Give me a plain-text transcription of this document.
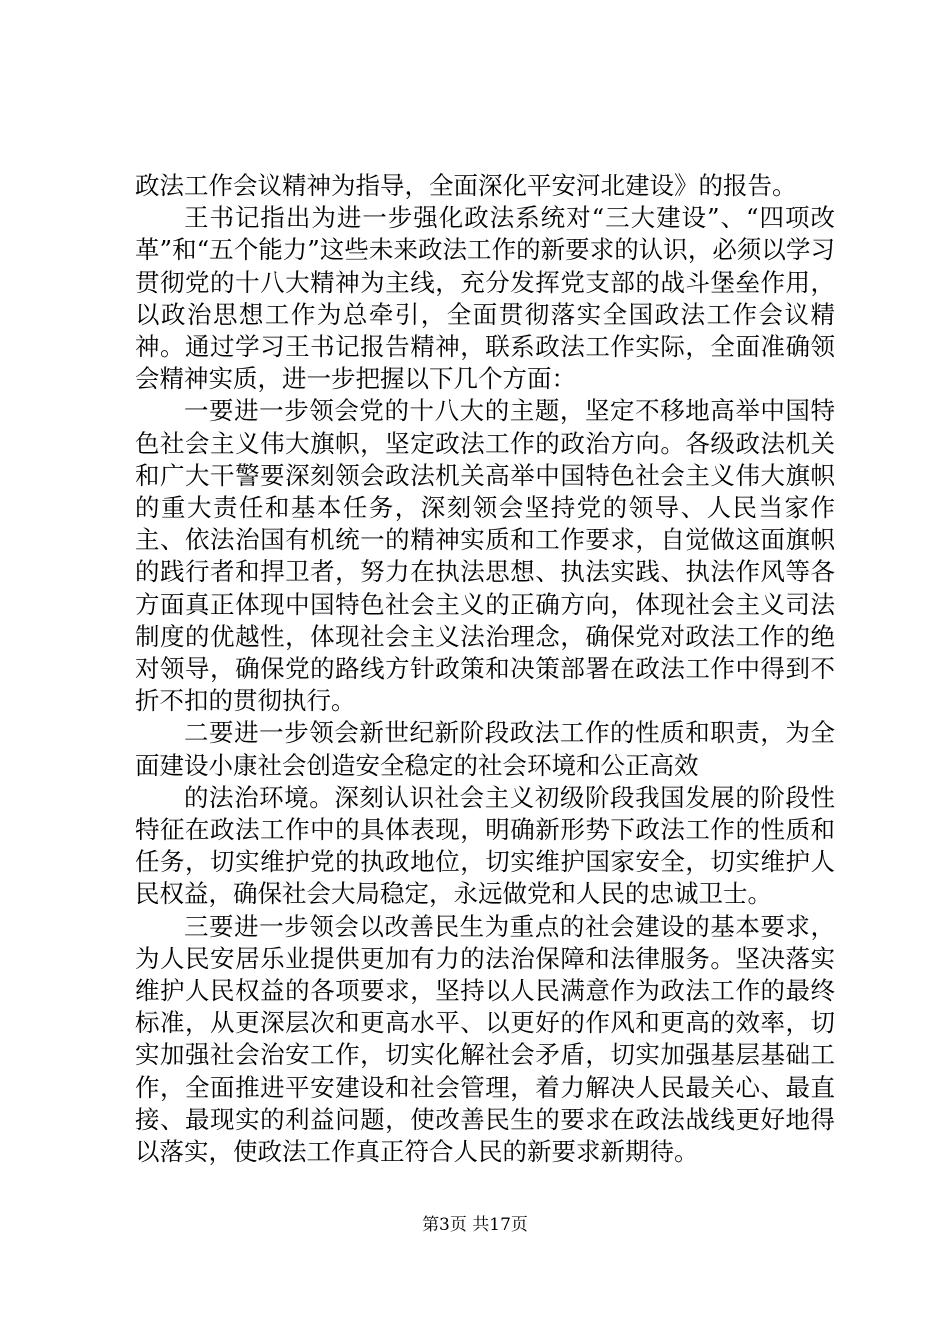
政法工作会议精神为指导，全面深化平安河北建设》的报告。

王书记指出为进一步强化政法系统对“三大建设”、“四项改革”和“五个能力”这些未来政法工作的新要求的认识，必须以学习贯彻党的十八大精神为主线，充分发挥党支部的战斗堡垒作用，以政治思想工作为总牵引，全面贯彻落实全国政法工作会议精神。通过学习王书记报告精神，联系政法工作实际，全面准确领会精神实质，进一步把握以下几个方面：

一要进一步领会党的十八大的主题，坚定不移地高举中国特色社会主义伟大旗帜，坚定政法工作的政治方向。各级政法机关和广大干警要深刻领会政法机关高举中国特色社会主义伟大旗帜的重大责任和基本任务，深刻领会坚持党的领导、人民当家作主、依法治国有机统一的精神实质和工作要求，自觉做这面旗帜的践行者和捍卫者，努力在执法思想、执法实践、执法作风等各方面真正体现中国特色社会主义的正确方向，体现社会主义司法制度的优越性，体现社会主义法治理念，确保党对政法工作的绝对领导，确保党的路线方针政策和决策部署在政法工作中得到不折不扣的贯彻执行。

二要进一步领会新世纪新阶段政法工作的性质和职责，为全面建设小康社会创造安全稳定的社会环境和公正高效

的法治环境。深刻认识社会主义初级阶段我国发展的阶段性特征在政法工作中的具体表现，明确新形势下政法工作的性质和任务，切实维护党的执政地位，切实维护国家安全，切实维护人民权益，确保社会大局稳定，永远做党和人民的忠诚卫士。

三要进一步领会以改善民生为重点的社会建设的基本要求，为人民安居乐业提供更加有力的法治保障和法律服务。坚决落实维护人民权益的各项要求，坚持以人民满意作为政法工作的最终标准，从更深层次和更高水平、以更好的作风和更高的效率，切实加强社会治安工作，切实化解社会矛盾，切实加强基层基础工作，全面推进平安建设和社会管理，着力解决人民最关心、最直接、最现实的利益问题，使改善民生的要求在政法战线更好地得以落实，使政法工作真正符合人民的新要求新期待。

第3页 共17页
